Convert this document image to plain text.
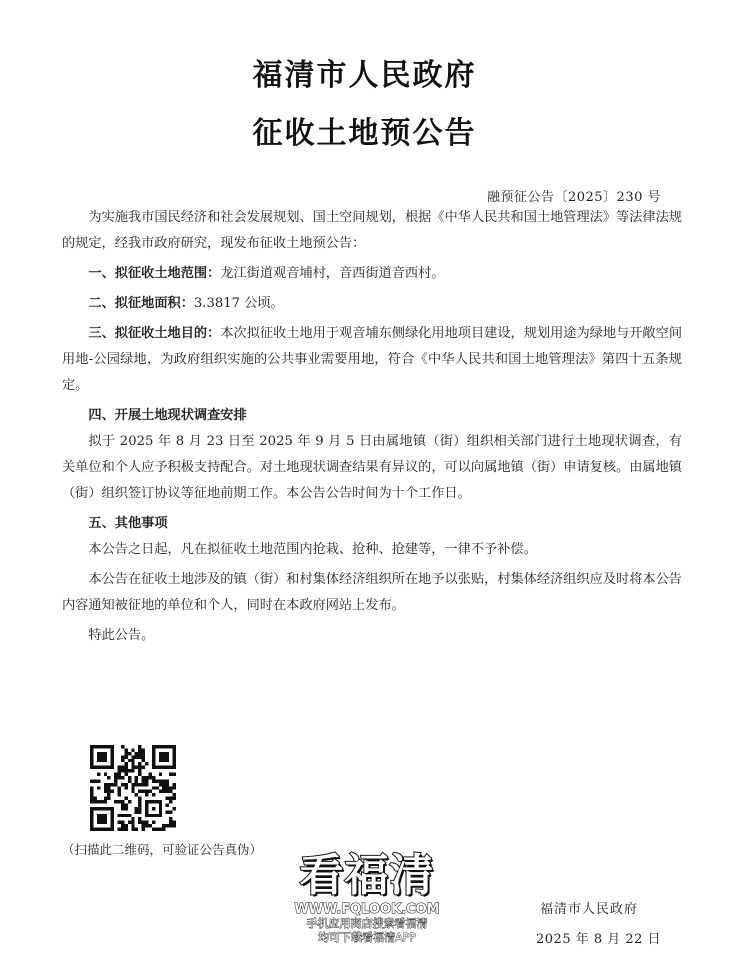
福清市人民政府
征收土地预公告
融预征公告〔2025〕230 号

为实施我市国民经济和社会发展规划、国土空间规划，根据《中华人民共和国土地管理法》等法律法规的规定，经我市政府研究，现发布征收土地预公告：

一、拟征收土地范围：龙江街道观音埔村，音西街道音西村。

二、拟征地面积：3.3817 公顷。

三、拟征收土地目的：本次拟征收土地用于观音埔东侧绿化用地项目建设，规划用途为绿地与开敞空间用地-公园绿地，为政府组织实施的公共事业需要用地，符合《中华人民共和国土地管理法》第四十五条规定。

四、开展土地现状调查安排

拟于 2025 年 8 月 23 日至 2025 年 9 月 5 日由属地镇（街）组织相关部门进行土地现状调查，有关单位和个人应予积极支持配合。对土地现状调查结果有异议的，可以向属地镇（街）申请复核。由属地镇（街）组织签订协议等征地前期工作。本公告公告时间为十个工作日。

五、其他事项

本公告之日起，凡在拟征收土地范围内抢栽、抢种、抢建等，一律不予补偿。

本公告在征收土地涉及的镇（街）和村集体经济组织所在地予以张贴，村集体经济组织应及时将本公告内容通知被征地的单位和个人，同时在本政府网站上发布。

特此公告。

（扫描此二维码，可验证公告真伪）
看福清
WWW.FQLOOK.COM
手机应用商店搜索看福清
均可下载看福清APP
福清市人民政府
2025 年 8 月 22 日
